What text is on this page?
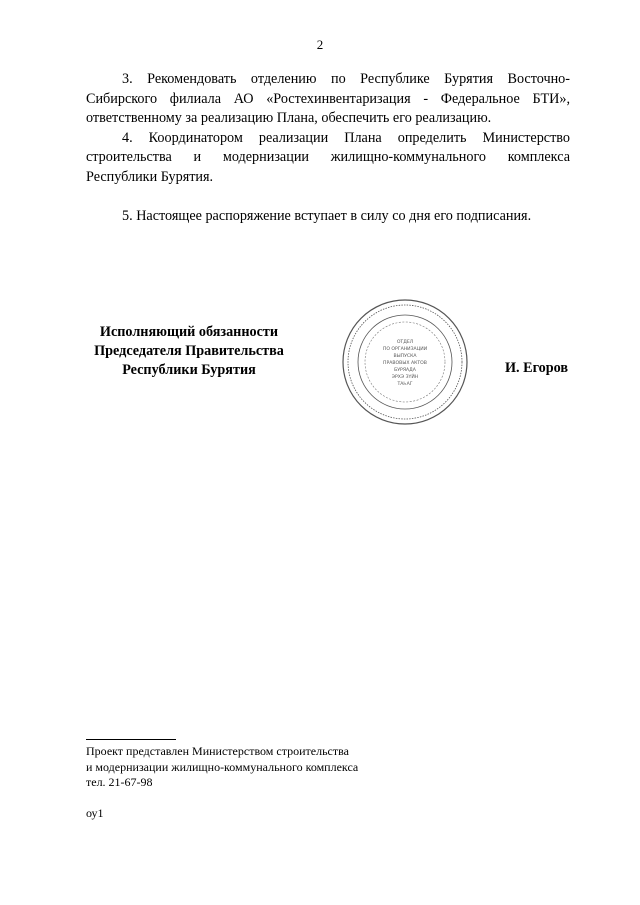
2

3. Рекомендовать отделению по Республике Бурятия Восточно-Сибирского филиала АО «Ростехинвентаризация - Федеральное БТИ», ответственному за реализацию Плана, обеспечить его реализацию.

4. Координатором реализации Плана определить Министерство строительства и модернизации жилищно-коммунального комплекса Республики Бурятия.

5. Настоящее распоряжение вступает в силу со дня его подписания.

Исполняющий обязанности
Председателя Правительства
Республики Бурятия
ОТДЕЛ
ПО ОРГАНИЗАЦИИ
ВЫПУСКА
ПРАВОВЫХ АКТОВ
БУРЯАДА
ЭРХЭ ЗҮЙН
ТАҺАГ
И. Егоров
Проект представлен Министерством строительства
и модернизации жилищно-коммунального комплекса
тел. 21-67-98
оу1
